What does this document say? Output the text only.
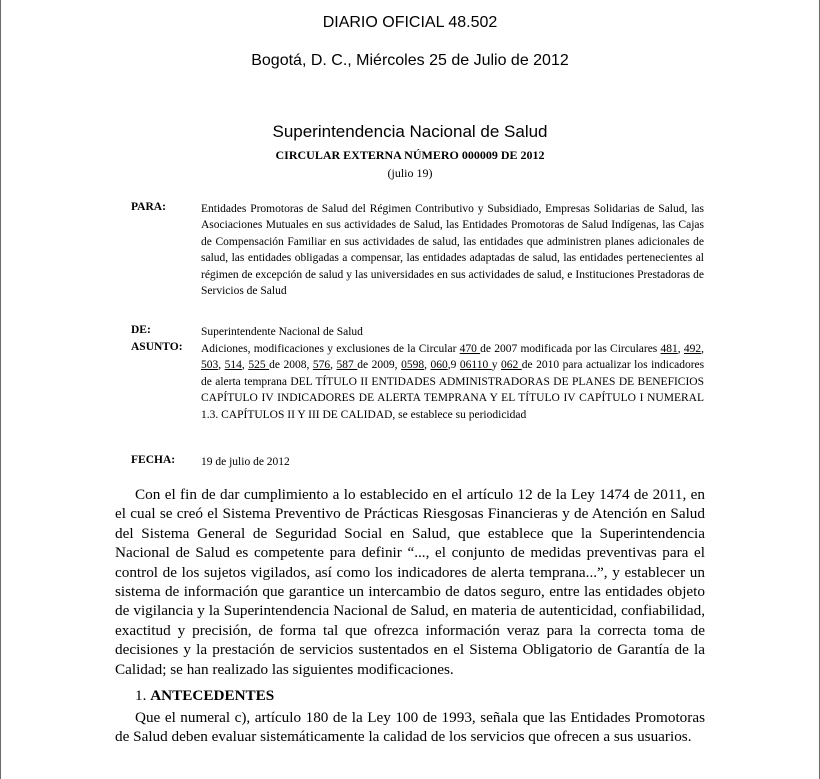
DIARIO OFICIAL 48.502
Bogotá, D. C., Miércoles 25 de Julio de 2012
Superintendencia Nacional de Salud
CIRCULAR EXTERNA NÚMERO 000009 DE 2012
(julio 19)
PARA:	Entidades Promotoras de Salud del Régimen Contributivo y Subsidiado, Empresas Solidarias de Salud, las Asociaciones Mutuales en sus actividades de Salud, las Entidades Promotoras de Salud Indígenas, las Cajas de Compensación Familiar en sus actividades de salud, las entidades que administren planes adicionales de salud, las entidades obligadas a compensar, las entidades adaptadas de salud, las entidades pertenecientes al régimen de excepción de salud y las universidades en sus actividades de salud, e Instituciones Prestadoras de Servicios de Salud
DE:	Superintendente Nacional de Salud
ASUNTO: Adiciones, modificaciones y exclusiones de la Circular 470 de 2007 modificada por las Circulares 481, 492, 503, 514, 525 de 2008, 576, 587 de 2009, 0598, 060,9 06110 y 062 de 2010 para actualizar los indicadores de alerta temprana DEL TÍTULO II ENTIDADES ADMINISTRADORAS DE PLANES DE BENEFICIOS CAPÍTULO IV INDICADORES DE ALERTA TEMPRANA Y EL TÍTULO IV CAPÍTULO I NUMERAL 1.3. CAPÍTULOS II Y III DE CALIDAD, se establece su periodicidad
FECHA: 19 de julio de 2012
Con el fin de dar cumplimiento a lo establecido en el artículo 12 de la Ley 1474 de 2011, en el cual se creó el Sistema Preventivo de Prácticas Riesgosas Financieras y de Atención en Salud del Sistema General de Seguridad Social en Salud, que establece que la Superintendencia Nacional de Salud es competente para definir “..., el conjunto de medidas preventivas para el control de los sujetos vigilados, así como los indicadores de alerta temprana...”, y establecer un sistema de información que garantice un intercambio de datos seguro, entre las entidades objeto de vigilancia y la Superintendencia Nacional de Salud, en materia de autenticidad, confiabilidad, exactitud y precisión, de forma tal que ofrezca información veraz para la correcta toma de decisiones y la prestación de servicios sustentados en el Sistema Obligatorio de Garantía de la Calidad; se han realizado las siguientes modificaciones.
1. ANTECEDENTES
Que el numeral c), artículo 180 de la Ley 100 de 1993, señala que las Entidades Promotoras de Salud deben evaluar sistemáticamente la calidad de los servicios que ofrecen a sus usuarios.
